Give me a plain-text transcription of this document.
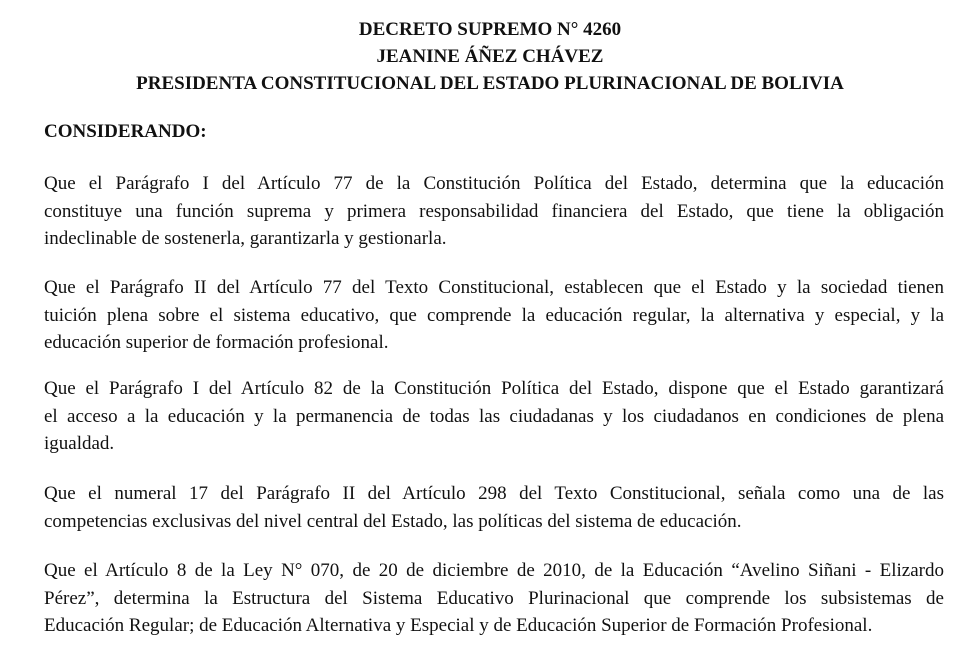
DECRETO SUPREMO N° 4260
JEANINE ÁÑEZ CHÁVEZ
PRESIDENTA CONSTITUCIONAL DEL ESTADO PLURINACIONAL DE BOLIVIA
CONSIDERANDO:
Que el Parágrafo I del Artículo 77 de la Constitución Política del Estado, determina que la educación
constituye una función suprema y primera responsabilidad financiera del Estado, que tiene la obligación
indeclinable de sostenerla, garantizarla y gestionarla.
Que el Parágrafo II del Artículo 77 del Texto Constitucional, establecen que el Estado y la sociedad tienen
tuición plena sobre el sistema educativo, que comprende la educación regular, la alternativa y especial, y la
educación superior de formación profesional.
Que el Parágrafo I del Artículo 82 de la Constitución Política del Estado, dispone que el Estado garantizará
el acceso a la educación y la permanencia de todas las ciudadanas y los ciudadanos en condiciones de plena
igualdad.
Que el numeral 17 del Parágrafo II del Artículo 298 del Texto Constitucional, señala como una de las
competencias exclusivas del nivel central del Estado, las políticas del sistema de educación.
Que el Artículo 8 de la Ley N° 070, de 20 de diciembre de 2010, de la Educación “Avelino Siñani - Elizardo
Pérez”, determina la Estructura del Sistema Educativo Plurinacional que comprende los subsistemas de
Educación Regular; de Educación Alternativa y Especial y de Educación Superior de Formación Profesional.
